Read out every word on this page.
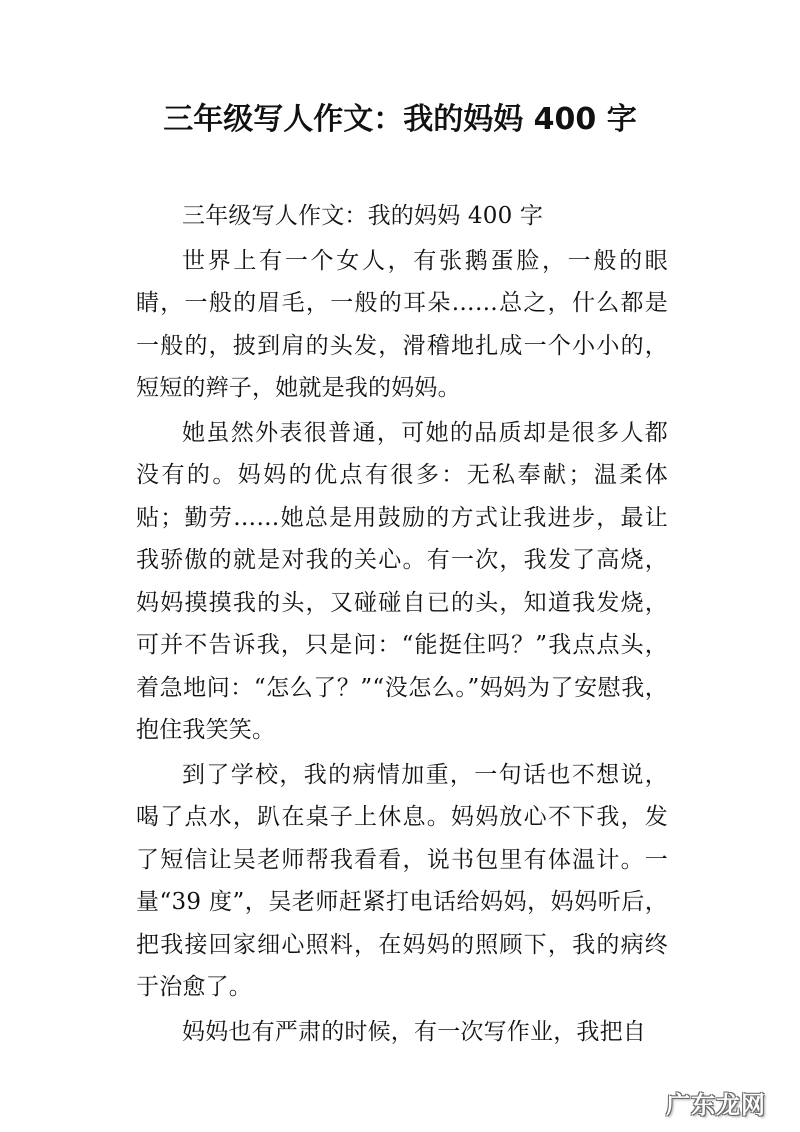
三年级写人作文：我的妈妈 400 字

三年级写人作文：我的妈妈 400 字

世界上有一个女人，有张鹅蛋脸，一般的眼睛，一般的眉毛，一般的耳朵……总之，什么都是一般的，披到肩的头发，滑稽地扎成一个小小的，短短的辫子，她就是我的妈妈。

她虽然外表很普通，可她的品质却是很多人都没有的。妈妈的优点有很多：无私奉献；温柔体贴；勤劳……她总是用鼓励的方式让我进步，最让我骄傲的就是对我的关心。有一次，我发了高烧，妈妈摸摸我的头，又碰碰自已的头，知道我发烧，可并不告诉我，只是问：“能挺住吗？”我点点头，着急地问：“怎么了？”“没怎么。”妈妈为了安慰我，抱住我笑笑。

到了学校，我的病情加重，一句话也不想说，喝了点水，趴在桌子上休息。妈妈放心不下我，发了短信让吴老师帮我看看，说书包里有体温计。一量“39 度”，吴老师赶紧打电话给妈妈，妈妈听后，把我接回家细心照料，在妈妈的照顾下，我的病终于治愈了。

妈妈也有严肃的时候，有一次写作业，我把自

广东龙网
